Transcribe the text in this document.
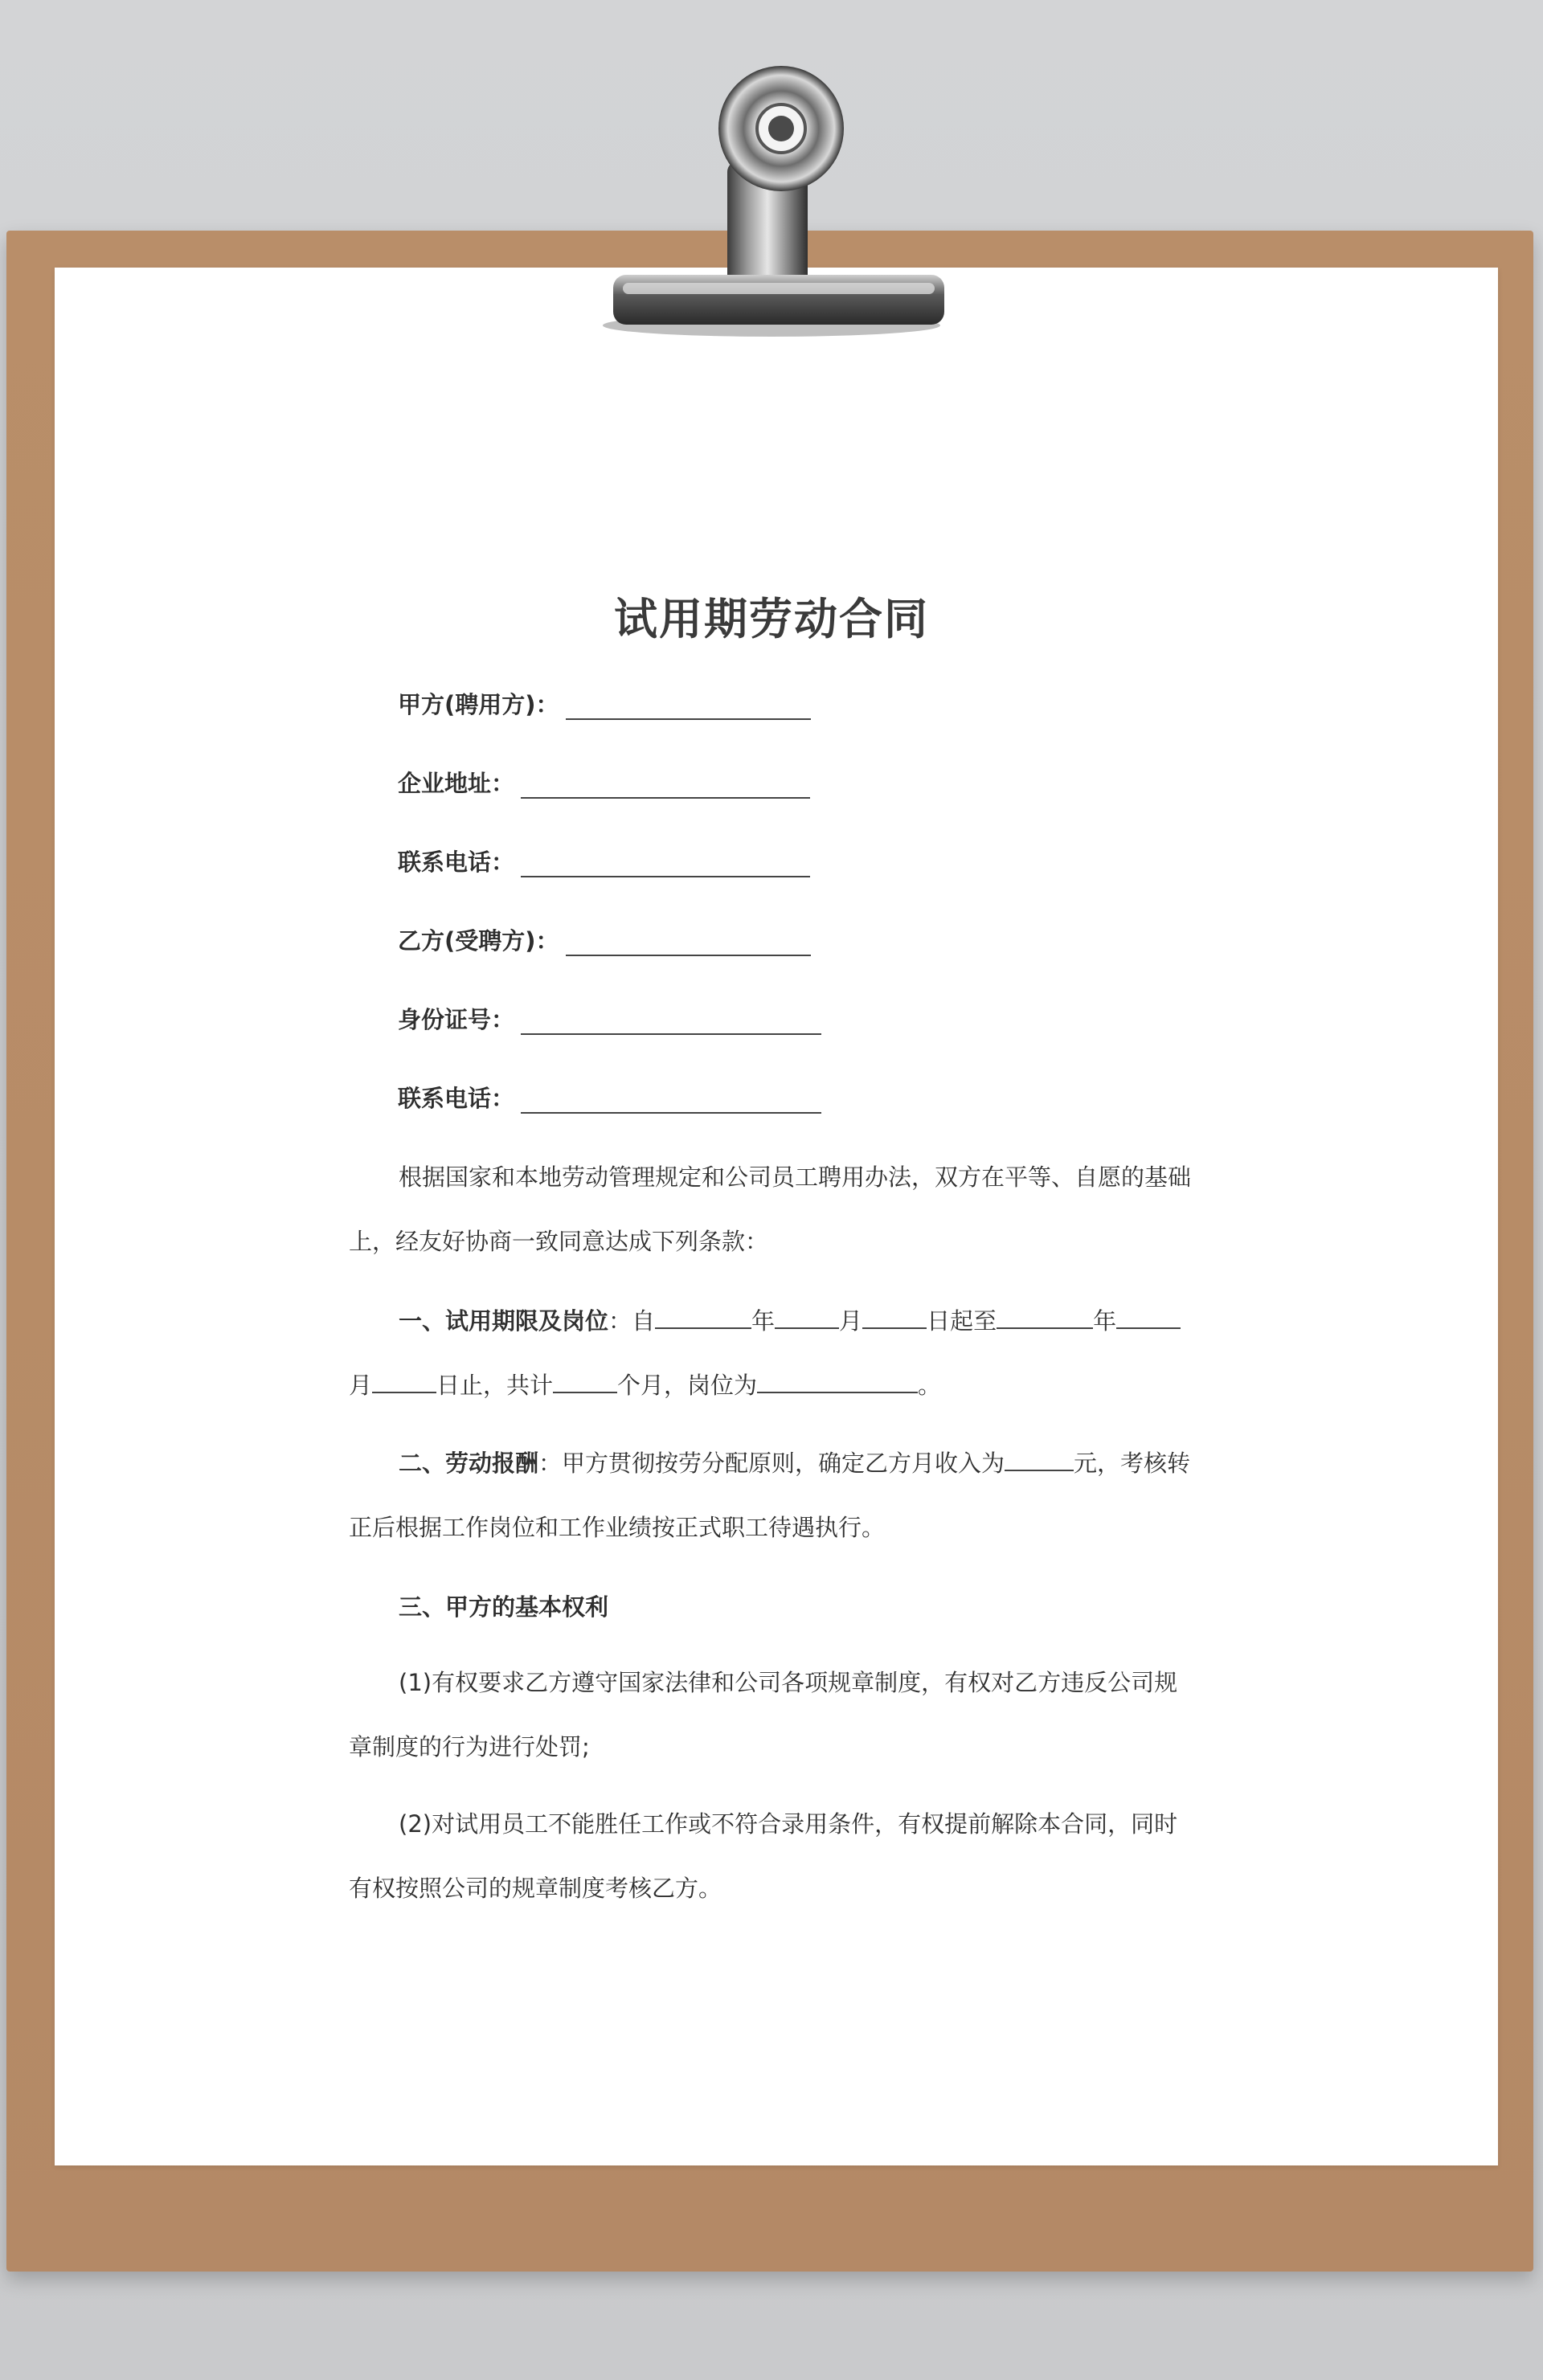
试用期劳动合同
甲方(聘用方)：
企业地址：
联系电话：
乙方(受聘方)：
身份证号：
联系电话：

根据国家和本地劳动管理规定和公司员工聘用办法，双方在平等、自愿的基础上，经友好协商一致同意达成下列条款：

一、试用期限及岗位：自	年	月	日起至	年月	日止，共计	个月，岗位为	。

二、劳动报酬：甲方贯彻按劳分配原则，确定乙方月收入为	元，考核转正后根据工作岗位和工作业绩按正式职工待遇执行。

三、甲方的基本权利

(1)有权要求乙方遵守国家法律和公司各项规章制度，有权对乙方违反公司规章制度的行为进行处罚;

(2)对试用员工不能胜任工作或不符合录用条件，有权提前解除本合同，同时有权按照公司的规章制度考核乙方。
